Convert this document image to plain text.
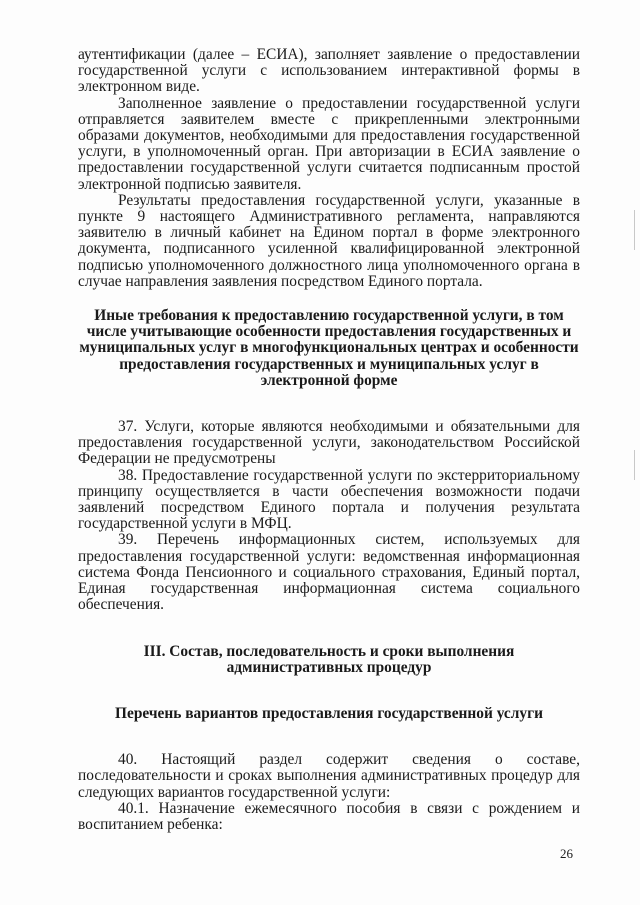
аутентификации (далее – ЕСИА), заполняет заявление о предоставлении государственной услуги с использованием интерактивной формы в электронном виде.

Заполненное заявление о предоставлении государственной услуги отправляется заявителем вместе с прикрепленными электронными образами документов, необходимыми для предоставления государственной услуги, в уполномоченный орган. При авторизации в ЕСИА заявление о предоставлении государственной услуги считается подписанным простой электронной подписью заявителя.

Результаты предоставления государственной услуги, указанные в пункте 9 настоящего Административного регламента, направляются заявителю в личный кабинет на Едином портал в форме электронного документа, подписанного усиленной квалифицированной электронной подписью уполномоченного должностного лица уполномоченного органа в случае направления заявления посредством Единого портала.

Иные требования к предоставлению государственной услуги, в том числе учитывающие особенности предоставления государственных и муниципальных услуг в многофункциональных центрах и особенности предоставления государственных и муниципальных услуг в электронной форме

37. Услуги, которые являются необходимыми и обязательными для предоставления государственной услуги, законодательством Российской Федерации не предусмотрены

38. Предоставление государственной услуги по экстерриториальному принципу осуществляется в части обеспечения возможности подачи заявлений посредством Единого портала и получения результата государственной услуги в МФЦ.

39. Перечень информационных систем, используемых для предоставления государственной услуги: ведомственная информационная система Фонда Пенсионного и социального страхования, Единый портал, Единая государственная информационная система социального обеспечения.

III. Состав, последовательность и сроки выполнения административных процедур

Перечень вариантов предоставления государственной услуги

40. Настоящий раздел содержит сведения о составе, последовательности и сроках выполнения административных процедур для следующих вариантов государственной услуги:

40.1. Назначение ежемесячного пособия в связи с рождением и воспитанием ребенка:

26
